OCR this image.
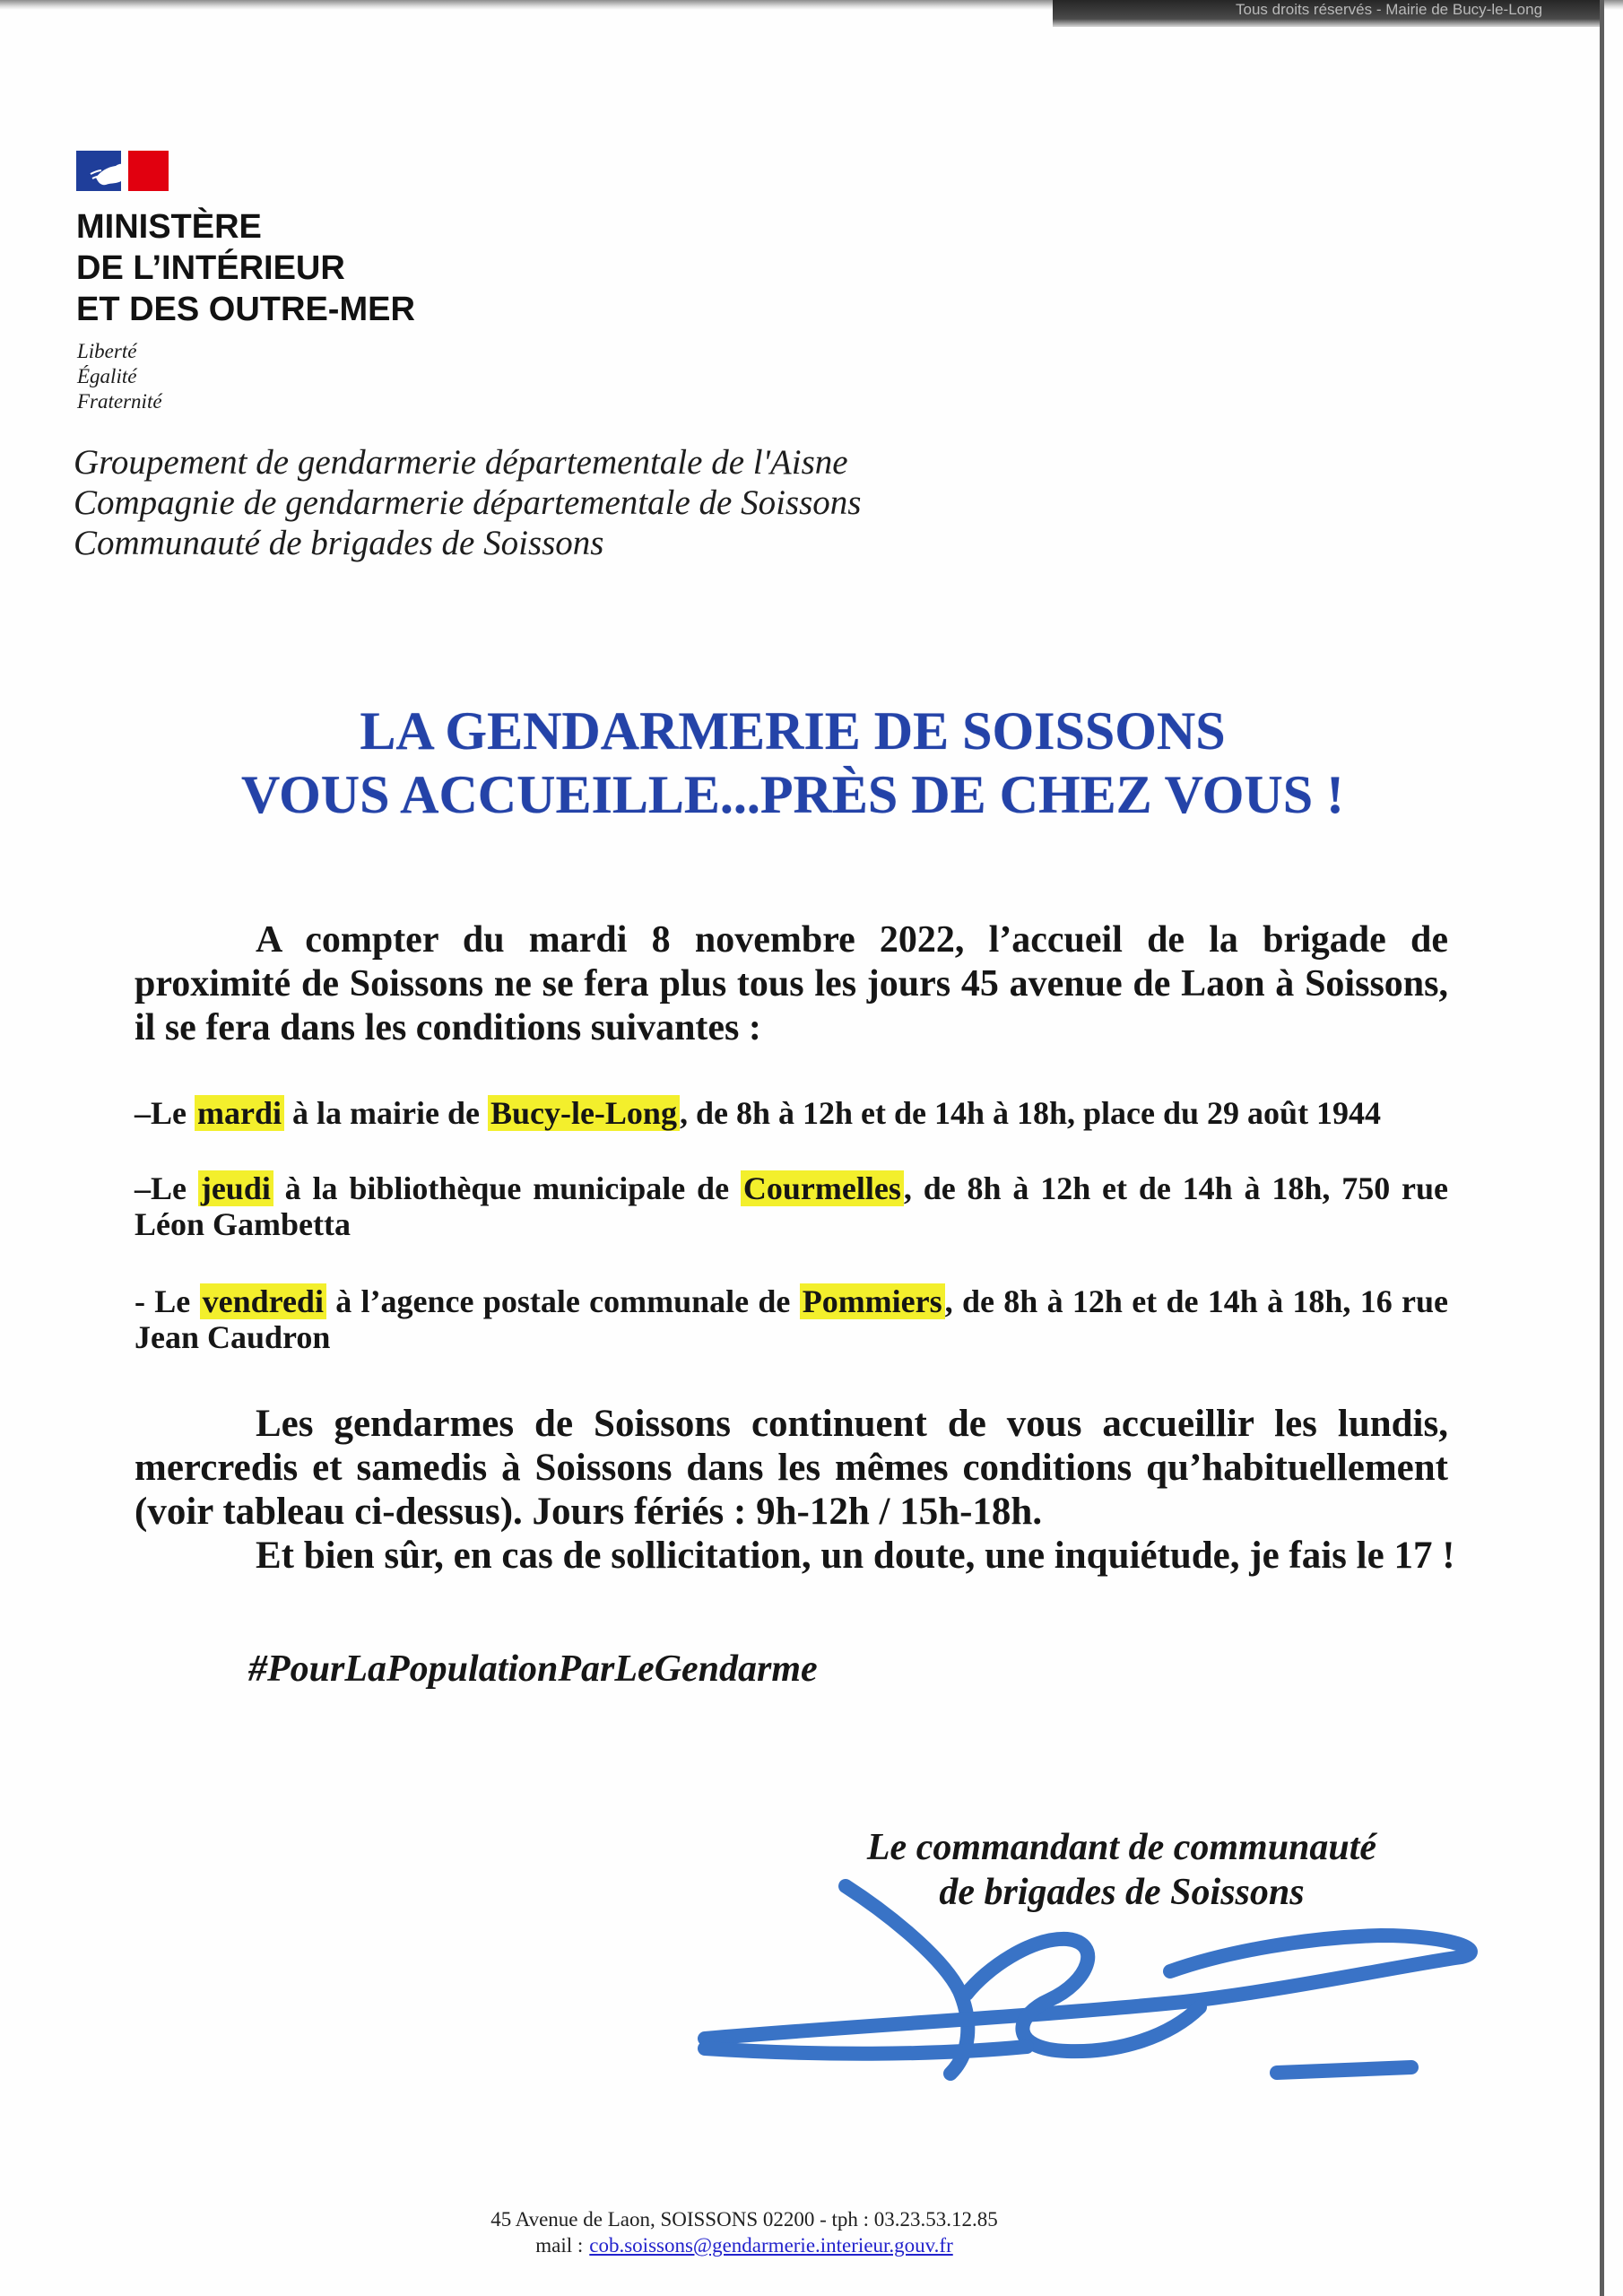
Tous droits réservés - Mairie de Bucy-le-Long
MINISTÈRE
DE L’INTÉRIEUR
ET DES OUTRE-MER
Liberté
Égalité
Fraternité
Groupement de gendarmerie départementale de l'Aisne
Compagnie de gendarmerie départementale de Soissons
Communauté de brigades de Soissons
LA GENDARMERIE DE SOISSONS
VOUS ACCUEILLE...PRÈS DE CHEZ VOUS !
A compter du mardi 8 novembre 2022, l’accueil de la brigade de
proximité de Soissons ne se fera plus tous les jours 45 avenue de Laon à Soissons,
il se fera dans les conditions suivantes :
–Le mardi à la mairie de Bucy-le-Long, de 8h à 12h et de 14h à 18h, place du 29 août 1944
–Le jeudi à la bibliothèque municipale de Courmelles, de 8h à 12h et de 14h à 18h, 750 rue
Léon Gambetta
- Le vendredi à l’agence postale communale de Pommiers, de 8h à 12h et de 14h à 18h, 16 rue
Jean Caudron
Les gendarmes de Soissons continuent de vous accueillir les lundis,
mercredis et samedis à Soissons dans les mêmes conditions qu’habituellement
(voir tableau ci-dessus). Jours fériés : 9h-12h / 15h-18h.
Et bien sûr, en cas de sollicitation, un doute, une inquiétude, je fais le 17 !
#PourLaPopulationParLeGendarme
Le commandant de communauté
de brigades de Soissons
45 Avenue de Laon, SOISSONS 02200 - tph : 03.23.53.12.85
mail : cob.soissons@gendarmerie.interieur.gouv.fr
